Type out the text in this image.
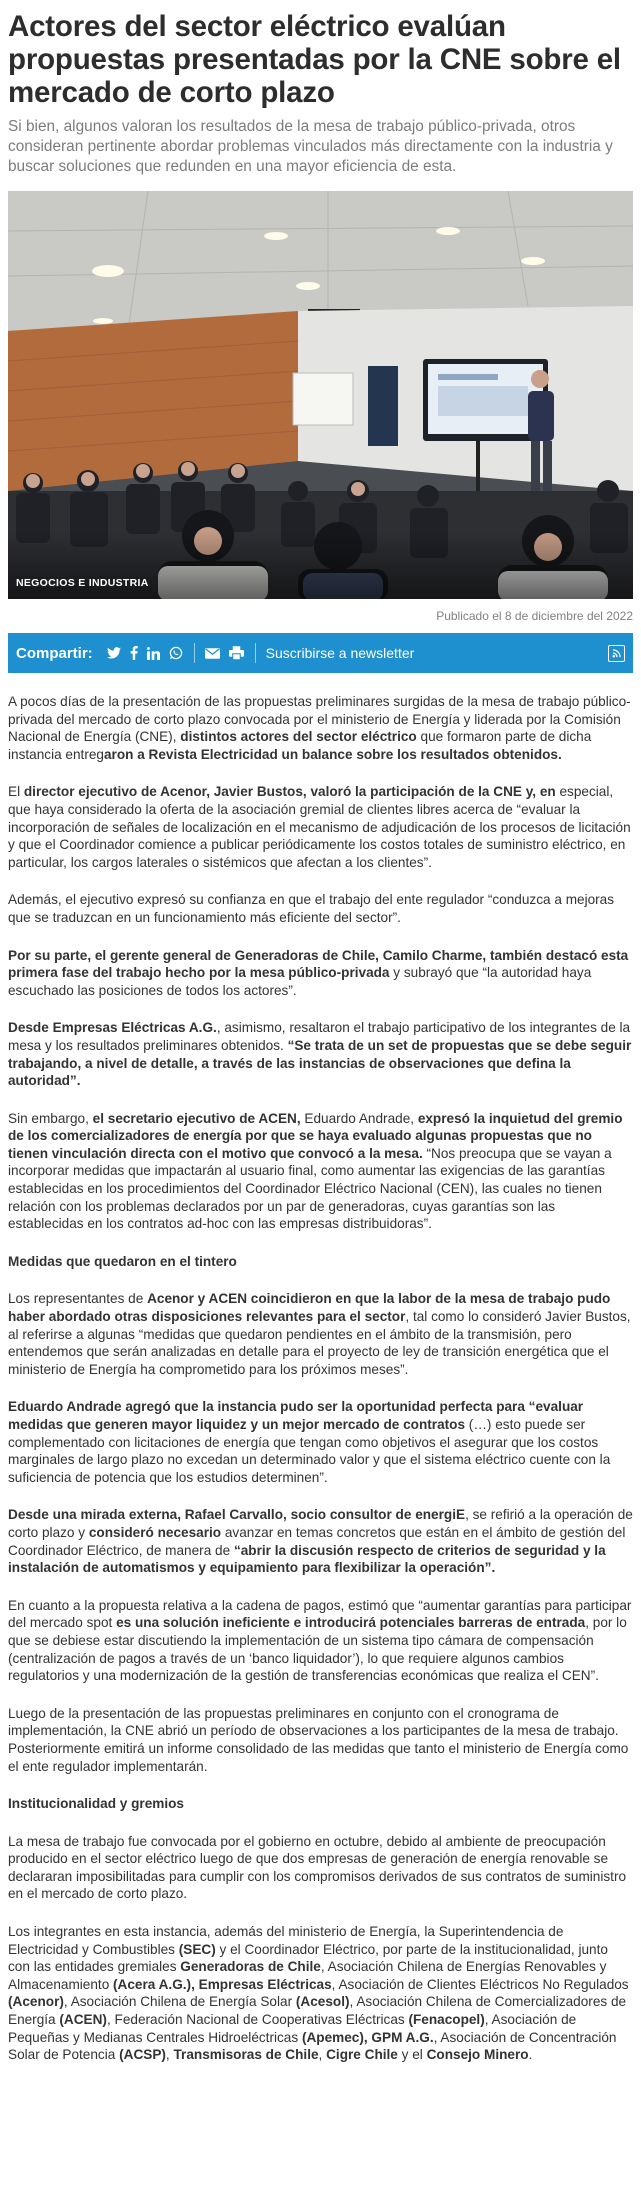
Actores del sector eléctrico evalúan propuestas presentadas por la CNE sobre el mercado de corto plazo

Si bien, algunos valoran los resultados de la mesa de trabajo público-privada, otros consideran pertinente abordar problemas vinculados más directamente con la industria y buscar soluciones que redunden en una mayor eficiencia de esta.

NEGOCIOS E INDUSTRIA
Publicado el 8 de diciembre del 2022
Compartir:	Suscribirse a newsletter

A pocos días de la presentación de las propuestas preliminares surgidas de la mesa de trabajo público-privada del mercado de corto plazo convocada por el ministerio de Energía y liderada por la Comisión Nacional de Energía (CNE), distintos actores del sector eléctrico que formaron parte de dicha instancia entregaron a Revista Electricidad un balance sobre los resultados obtenidos.

El director ejecutivo de Acenor, Javier Bustos, valoró la participación de la CNE y, en especial, que haya considerado la oferta de la asociación gremial de clientes libres acerca de “evaluar la incorporación de señales de localización en el mecanismo de adjudicación de los procesos de licitación y que el Coordinador comience a publicar periódicamente los costos totales de suministro eléctrico, en particular, los cargos laterales o sistémicos que afectan a los clientes”.

Además, el ejecutivo expresó su confianza en que el trabajo del ente regulador “conduzca a mejoras que se traduzcan en un funcionamiento más eficiente del sector”.

Por su parte, el gerente general de Generadoras de Chile, Camilo Charme, también destacó esta primera fase del trabajo hecho por la mesa público-privada y subrayó que “la autoridad haya escuchado las posiciones de todos los actores”.

Desde Empresas Eléctricas A.G., asimismo, resaltaron el trabajo participativo de los integrantes de la mesa y los resultados preliminares obtenidos. “Se trata de un set de propuestas que se debe seguir trabajando, a nivel de detalle, a través de las instancias de observaciones que defina la autoridad”.

Sin embargo, el secretario ejecutivo de ACEN, Eduardo Andrade, expresó la inquietud del gremio de los comercializadores de energía por que se haya evaluado algunas propuestas que no tienen vinculación directa con el motivo que convocó a la mesa. “Nos preocupa que se vayan a incorporar medidas que impactarán al usuario final, como aumentar las exigencias de las garantías establecidas en los procedimientos del Coordinador Eléctrico Nacional (CEN), las cuales no tienen relación con los problemas declarados por un par de generadoras, cuyas garantías son las establecidas en los contratos ad-hoc con las empresas distribuidoras”.

Medidas que quedaron en el tintero

Los representantes de Acenor y ACEN coincidieron en que la labor de la mesa de trabajo pudo haber abordado otras disposiciones relevantes para el sector, tal como lo consideró Javier Bustos, al referirse a algunas “medidas que quedaron pendientes en el ámbito de la transmisión, pero entendemos que serán analizadas en detalle para el proyecto de ley de transición energética que el ministerio de Energía ha comprometido para los próximos meses”.

Eduardo Andrade agregó que la instancia pudo ser la oportunidad perfecta para “evaluar medidas que generen mayor liquidez y un mejor mercado de contratos (…) esto puede ser complementado con licitaciones de energía que tengan como objetivos el asegurar que los costos marginales de largo plazo no excedan un determinado valor y que el sistema eléctrico cuente con la suficiencia de potencia que los estudios determinen”.

Desde una mirada externa, Rafael Carvallo, socio consultor de energiE, se refirió a la operación de corto plazo y consideró necesario avanzar en temas concretos que están en el ámbito de gestión del Coordinador Eléctrico, de manera de “abrir la discusión respecto de criterios de seguridad y la instalación de automatismos y equipamiento para flexibilizar la operación”.

En cuanto a la propuesta relativa a la cadena de pagos, estimó que “aumentar garantías para participar del mercado spot es una solución ineficiente e introducirá potenciales barreras de entrada, por lo que se debiese estar discutiendo la implementación de un sistema tipo cámara de compensación (centralización de pagos a través de un ‘banco liquidador’), lo que requiere algunos cambios regulatorios y una modernización de la gestión de transferencias económicas que realiza el CEN”.

Luego de la presentación de las propuestas preliminares en conjunto con el cronograma de implementación, la CNE abrió un período de observaciones a los participantes de la mesa de trabajo. Posteriormente emitirá un informe consolidado de las medidas que tanto el ministerio de Energía como el ente regulador implementarán.

Institucionalidad y gremios

La mesa de trabajo fue convocada por el gobierno en octubre, debido al ambiente de preocupación producido en el sector eléctrico luego de que dos empresas de generación de energía renovable se declararan imposibilitadas para cumplir con los compromisos derivados de sus contratos de suministro en el mercado de corto plazo.

Los integrantes en esta instancia, además del ministerio de Energía, la Superintendencia de Electricidad y Combustibles (SEC) y el Coordinador Eléctrico, por parte de la institucionalidad, junto con las entidades gremiales Generadoras de Chile, Asociación Chilena de Energías Renovables y Almacenamiento (Acera A.G.), Empresas Eléctricas, Asociación de Clientes Eléctricos No Regulados (Acenor), Asociación Chilena de Energía Solar (Acesol), Asociación Chilena de Comercializadores de Energía (ACEN), Federación Nacional de Cooperativas Eléctricas (Fenacopel), Asociación de Pequeñas y Medianas Centrales Hidroeléctricas (Apemec), GPM A.G., Asociación de Concentración Solar de Potencia (ACSP), Transmisoras de Chile, Cigre Chile y el Consejo Minero.
